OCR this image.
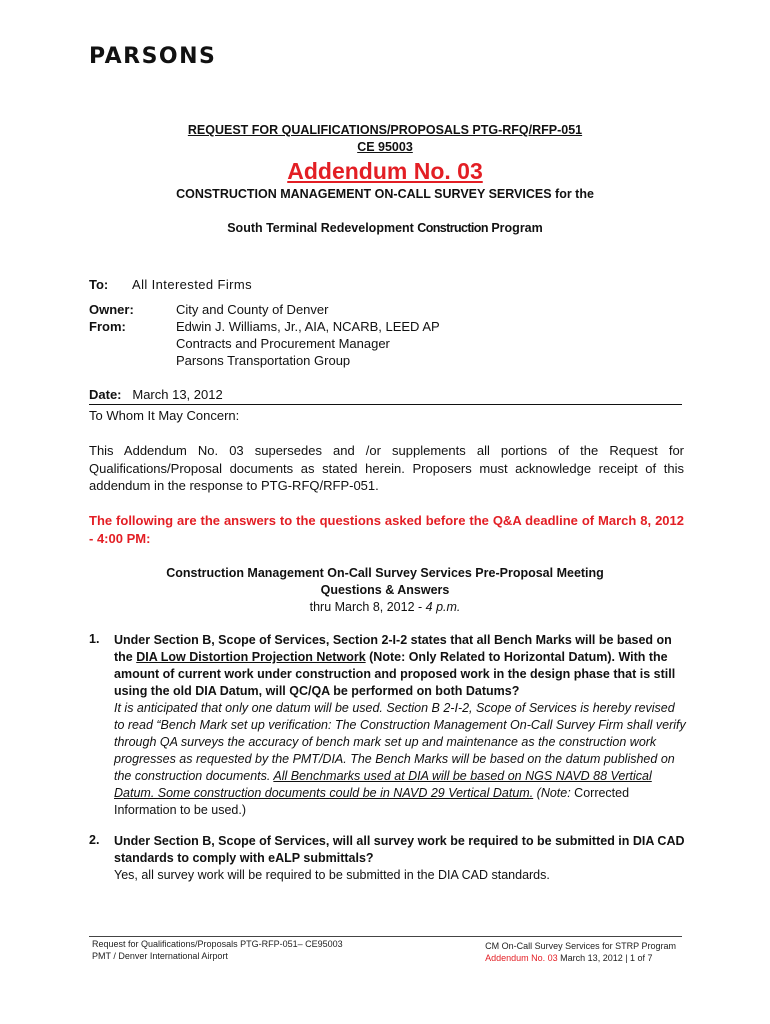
PARSONS
REQUEST FOR QUALIFICATIONS/PROPOSALS PTG-RFQ/RFP-051
CE 95003
Addendum No. 03
CONSTRUCTION MANAGEMENT ON-CALL SURVEY SERVICES for the
South Terminal Redevelopment Construction Program
To: All Interested Firms
Owner:	City and County of Denver
From:	Edwin J. Williams, Jr., AIA, NCARB, LEED AP
Contracts and Procurement Manager
Parsons Transportation Group
Date: March 13, 2012
To Whom It May Concern:
This Addendum No. 03 supersedes and /or supplements all portions of the Request for Qualifications/Proposal documents as stated herein. Proposers must acknowledge receipt of this addendum in the response to PTG-RFQ/RFP-051.
The following are the answers to the questions asked before the Q&A deadline of March 8, 2012 - 4:00 PM:
Construction Management On-Call Survey Services Pre-Proposal Meeting
Questions & Answers
thru March 8, 2012 - 4 p.m.
1. Under Section B, Scope of Services, Section 2-I-2 states that all Bench Marks will be based on the DIA Low Distortion Projection Network (Note: Only Related to Horizontal Datum). With the amount of current work under construction and proposed work in the design phase that is still using the old DIA Datum, will QC/QA be performed on both Datums?
It is anticipated that only one datum will be used. Section B 2-I-2, Scope of Services is hereby revised to read “Bench Mark set up verification: The Construction Management On-Call Survey Firm shall verify through QA surveys the accuracy of bench mark set up and maintenance as the construction work progresses as requested by the PMT/DIA. The Bench Marks will be based on the datum published on the construction documents. All Benchmarks used at DIA will be based on NGS NAVD 88 Vertical Datum. Some construction documents could be in NAVD 29 Vertical Datum. (Note: Corrected Information to be used.)
2. Under Section B, Scope of Services, will all survey work be required to be submitted in DIA CAD standards to comply with eALP submittals?
Yes, all survey work will be required to be submitted in the DIA CAD standards.
Request for Qualifications/Proposals PTG-RFP-051– CE95003
PMT / Denver International Airport
CM On-Call Survey Services for STRP Program
Addendum No. 03 March 13, 2012 | 1 of 7
